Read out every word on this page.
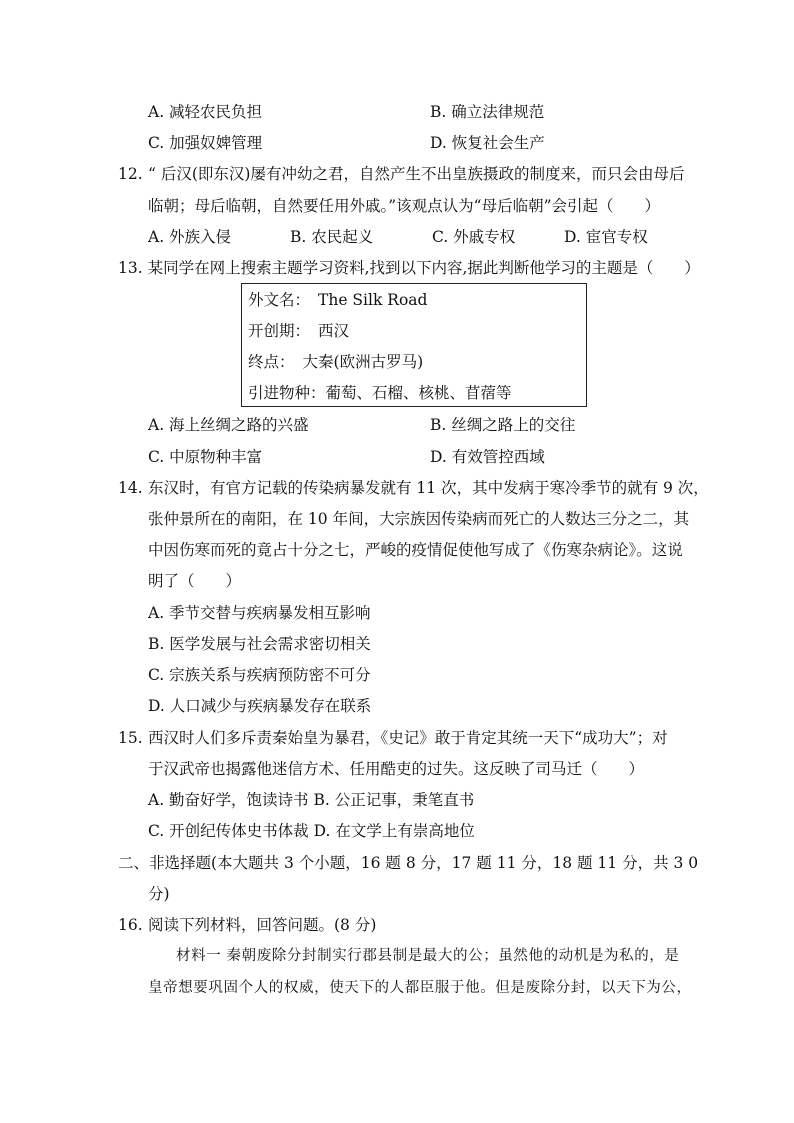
A. 减轻农民负担	B. 确立法律规范
C. 加强奴婢管理	D. 恢复社会生产
12. “ 后汉(即东汉)屡有冲幼之君，自然产生不出皇族摄政的制度来，而只会由母后
临朝；母后临朝，自然要任用外戚。”该观点认为“母后临朝”会引起（　　）
A. 外族入侵	B. 农民起义	C. 外戚专权	D. 宦官专权
13. 某同学在网上搜索主题学习资料,找到以下内容,据此判断他学习的主题是（　　）
外文名： The Silk Road
开创期： 西汉
终点： 大秦(欧洲古罗马)
引进物种：葡萄、石榴、核桃、苜蓿等
A. 海上丝绸之路的兴盛	B. 丝绸之路上的交往
C. 中原物种丰富	D. 有效管控西域
14. 东汉时，有官方记载的传染病暴发就有 11 次，其中发病于寒冷季节的就有 9 次，
张仲景所在的南阳，在 10 年间，大宗族因传染病而死亡的人数达三分之二，其
中因伤寒而死的竟占十分之七，严峻的疫情促使他写成了《伤寒杂病论》。这说
明了（　　）
A. 季节交替与疾病暴发相互影响
B. 医学发展与社会需求密切相关
C. 宗族关系与疾病预防密不可分
D. 人口减少与疾病暴发存在联系
15. 西汉时人们多斥责秦始皇为暴君，《史记》敢于肯定其统一天下“成功大”；对
于汉武帝也揭露他迷信方术、任用酷吏的过失。这反映了司马迁（　　）
A. 勤奋好学，饱读诗书 B. 公正记事，秉笔直书
C. 开创纪传体史书体裁 D. 在文学上有崇高地位
二、非选择题(本大题共 3 个小题，16 题 8 分，17 题 11 分，18 题 11 分，共 3 0
分)
16. 阅读下列材料，回答问题。(8 分)
材料一 秦朝废除分封制实行郡县制是最大的公；虽然他的动机是为私的，是
皇帝想要巩固个人的权威，使天下的人都臣服于他。但是废除分封，以天下为公，
